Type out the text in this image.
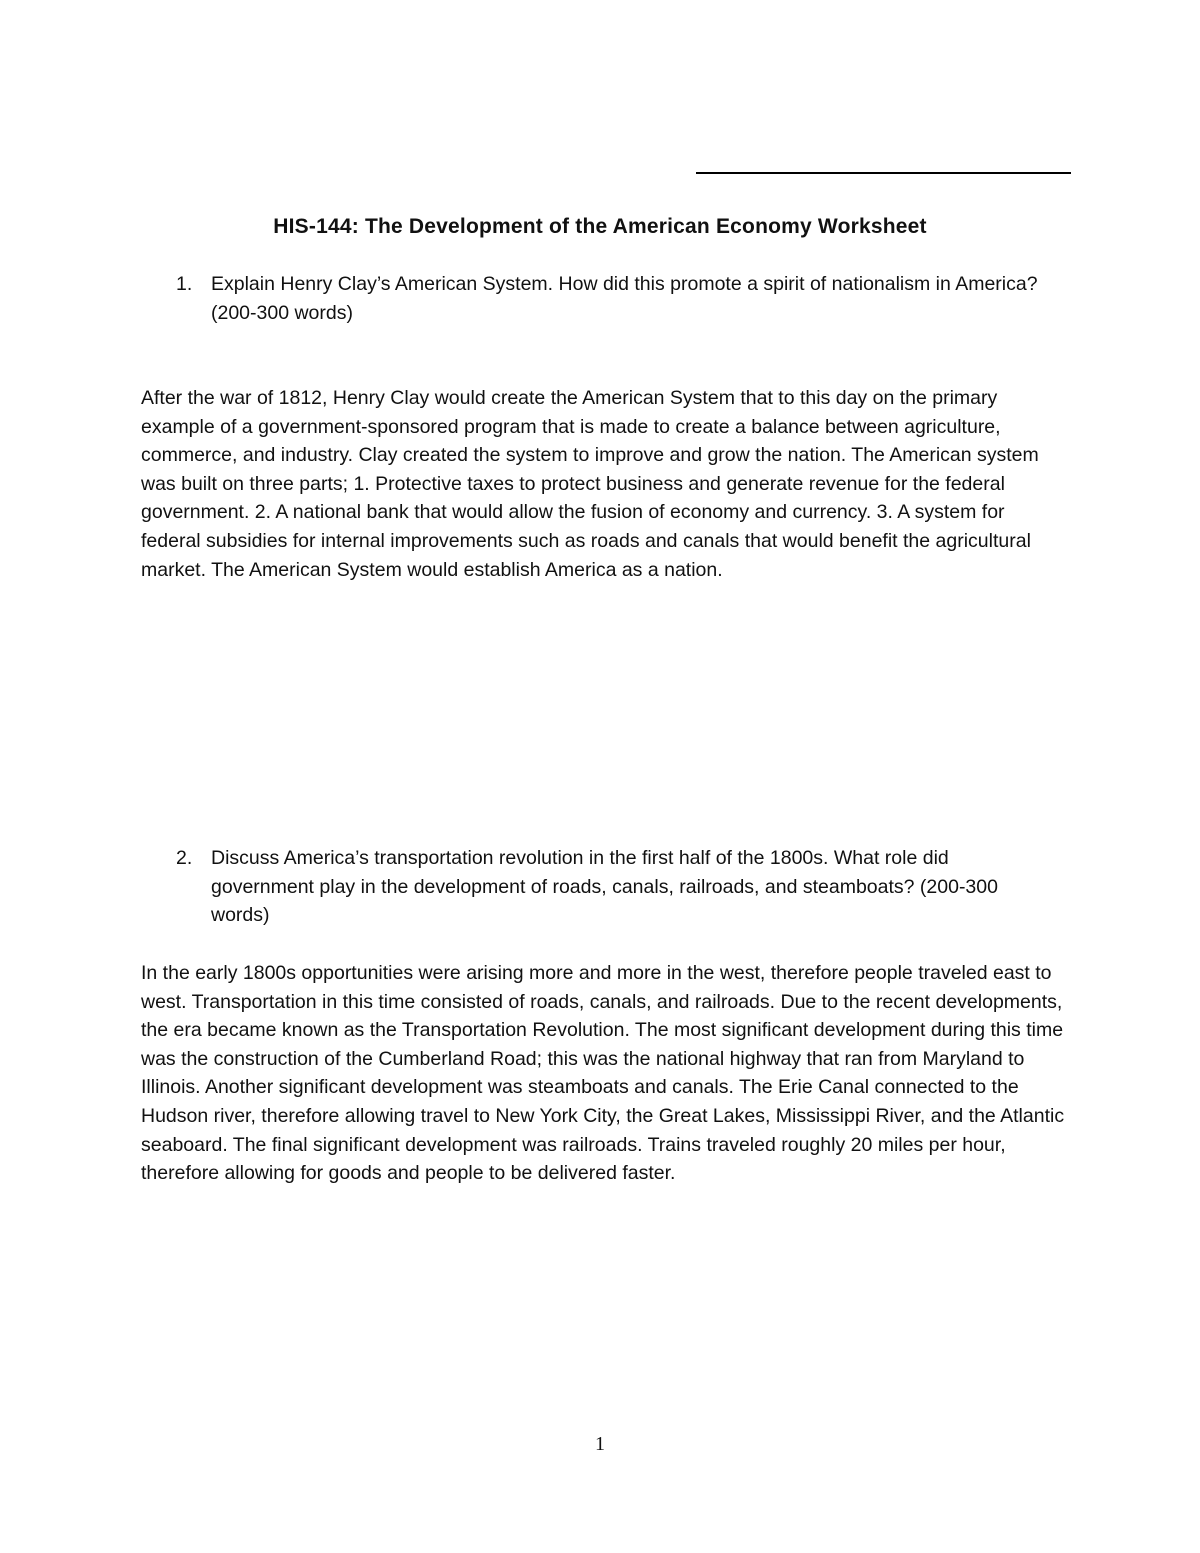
HIS-144: The Development of the American Economy Worksheet
1. Explain Henry Clay’s American System. How did this promote a spirit of nationalism in America? (200-300 words)
After the war of 1812, Henry Clay would create the American System that to this day on the primary example of a government-sponsored program that is made to create a balance between agriculture, commerce, and industry. Clay created the system to improve and grow the nation. The American system was built on three parts; 1. Protective taxes to protect business and generate revenue for the federal government. 2. A national bank that would allow the fusion of economy and currency. 3. A system for federal subsidies for internal improvements such as roads and canals that would benefit the agricultural market. The American System would establish America as a nation.
2. Discuss America’s transportation revolution in the first half of the 1800s. What role did government play in the development of roads, canals, railroads, and steamboats? (200-300 words)
In the early 1800s opportunities were arising more and more in the west, therefore people traveled east to west. Transportation in this time consisted of roads, canals, and railroads. Due to the recent developments, the era became known as the Transportation Revolution. The most significant development during this time was the construction of the Cumberland Road; this was the national highway that ran from Maryland to Illinois. Another significant development was steamboats and canals. The Erie Canal connected to the Hudson river, therefore allowing travel to New York City, the Great Lakes, Mississippi River, and the Atlantic seaboard. The final significant development was railroads. Trains traveled roughly 20 miles per hour, therefore allowing for goods and people to be delivered faster.
1
